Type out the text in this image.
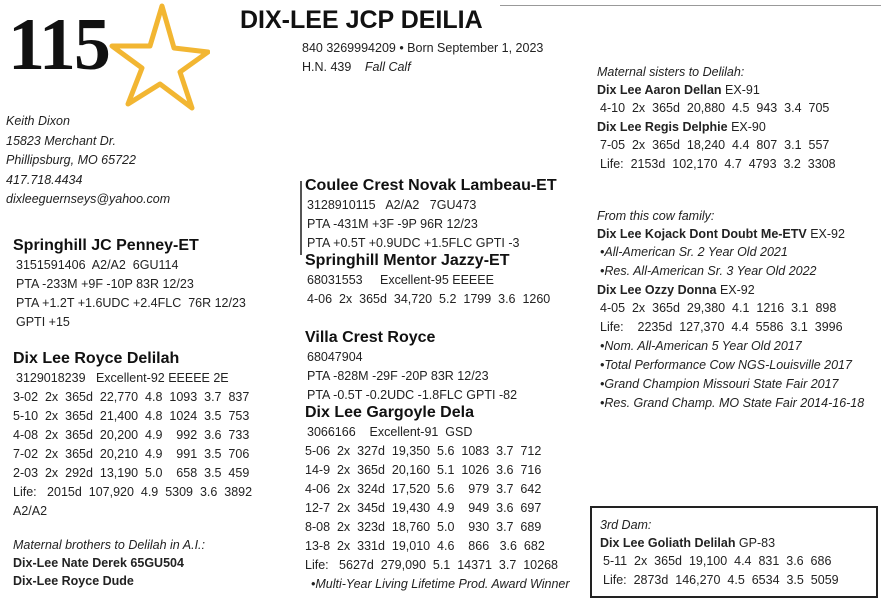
115	DIX-LEE JCP DEILIA
840 3269994209 • Born September 1, 2023
H.N. 439 Fall Calf
Keith Dixon
15823 Merchant Dr.
Phillipsburg, MO 65722
417.718.4434
dixleeguernseys@yahoo.com
Springhill JC Penney-ET
3151591406  A2/A2  6GU114
PTA -233M +9F -10P 83R 12/23
PTA +1.2T +1.6UDC +2.4FLC  76R 12/23
GPTI +15
Dix Lee Royce Delilah
3129018239   Excellent-92 EEEEE 2E
3-02  2x  365d  22,770  4.8  1093  3.7  837
5-10  2x  365d  21,400  4.8  1024  3.5  753
4-08  2x  365d  20,200  4.9    992  3.6  733
7-02  2x  365d  20,210  4.9    991  3.5  706
2-03  2x  292d  13,190  5.0    658  3.5  459
Life:   2015d  107,920  4.9  5309  3.6  3892
A2/A2
Maternal brothers to Delilah in A.I.:
Dix-Lee Nate Derek 65GU504
Dix-Lee Royce Dude
Coulee Crest Novak Lambeau-ET
3128910115   A2/A2   7GU473
PTA -431M +3F -9P 96R 12/23
PTA +0.5T +0.9UDC +1.5FLC GPTI -3
Springhill Mentor Jazzy-ET
68031553     Excellent-95 EEEEE
4-06  2x  365d  34,720  5.2  1799  3.6  1260
Villa Crest Royce
68047904
PTA -828M -29F -20P 83R 12/23
PTA -0.5T -0.2UDC -1.8FLC GPTI -82
Dix Lee Gargoyle Dela
3066166    Excellent-91  GSD
5-06  2x  327d  19,350  5.6  1083  3.7  712
14-9  2x  365d  20,160  5.1  1026  3.6  716
4-06  2x  324d  17,520  5.6    979  3.7  642
12-7  2x  345d  19,430  4.9    949  3.6  697
8-08  2x  323d  18,760  5.0    930  3.7  689
13-8  2x  331d  19,010  4.6    866   3.6  682
Life:   5627d  279,090  5.1  14371  3.7  10268
•Multi-Year Living Lifetime Prod. Award Winner
Maternal sisters to Delilah:
Dix Lee Aaron Dellan EX-91
4-10  2x  365d  20,880  4.5  943  3.4  705
Dix Lee Regis Delphie EX-90
7-05  2x  365d  18,240  4.4  807  3.1  557
Life:  2153d  102,170  4.7  4793  3.2  3308
From this cow family:
Dix Lee Kojack Dont Doubt Me-ETV EX-92
•All-American Sr. 2 Year Old 2021
•Res. All-American Sr. 3 Year Old 2022
Dix Lee Ozzy Donna EX-92
4-05  2x  365d  29,380  4.1  1216  3.1  898
Life:    2235d  127,370  4.4  5586  3.1  3996
•Nom. All-American 5 Year Old 2017
•Total Performance Cow NGS-Louisville 2017
•Grand Champion Missouri State Fair 2017
•Res. Grand Champ. MO State Fair 2014-16-18
3rd Dam:
Dix Lee Goliath Delilah GP-83
5-11  2x  365d  19,100  4.4  831  3.6  686
Life:  2873d  146,270  4.5  6534  3.5  5059
